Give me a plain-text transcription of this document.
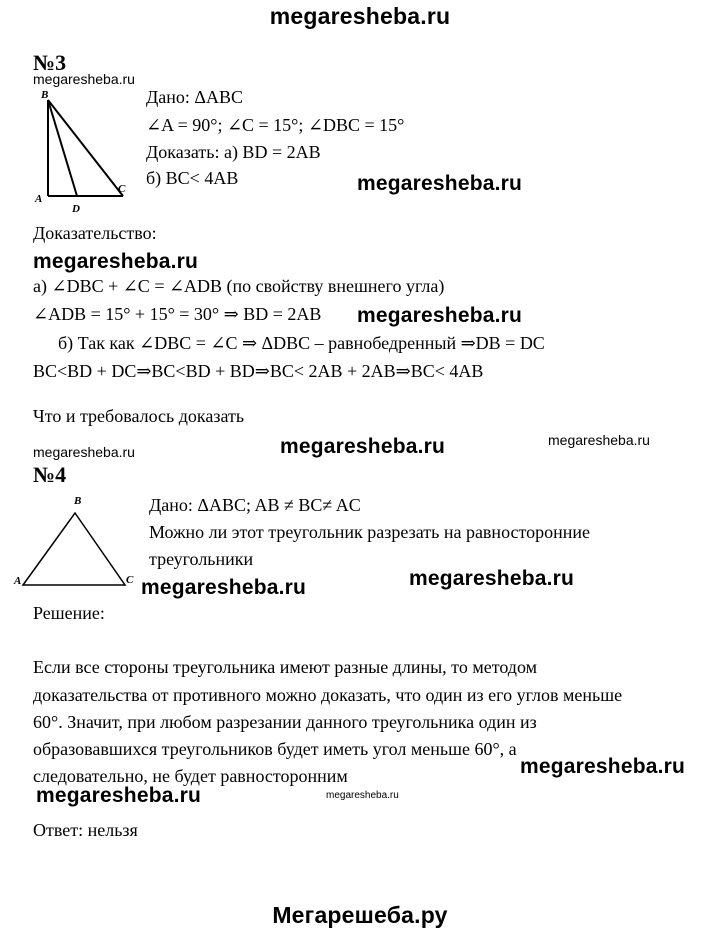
megaresheba.ru
№3
megaresheba.ru
B
A
D
C
Дано: ΔABC
∠A = 90°; ∠C = 15°; ∠DBC = 15°
Доказать: а) BD = 2AB
б) BC< 4AB	megaresheba.ru
Доказательство:
megaresheba.ru
а) ∠DBC + ∠C = ∠ADB (по свойству внешнего угла)
∠ADB = 15° + 15° = 30° ⇒ BD = 2AB megaresheba.ru
б) Так как ∠DBC = ∠C ⇒ ΔDBC – равнобедренный ⇒DB = DC
BC<BD + DC⇒BC<BD + BD⇒BC< 2AB + 2AB⇒BC< 4AB
Что и требовалось доказать
megaresheba.ru	megaresheba.ru	megaresheba.ru
№4
B
A	C
Дано: ΔABC; AB ≠ BC≠ AC
Можно ли этот треугольник разрезать на равносторонние
треугольники
megaresheba.ru	megaresheba.ru
Решение:
Если все стороны треугольника имеют разные длины, то методом
доказательства от противного можно доказать, что один из его углов меньше
60°. Значит, при любом разрезании данного треугольника один из
образовавшихся треугольников будет иметь угол меньше 60°, а
следовательно, не будет равносторонним	megaresheba.ru
megaresheba.ru	megaresheba.ru
Ответ: нельзя
Мегарешеба.ру
